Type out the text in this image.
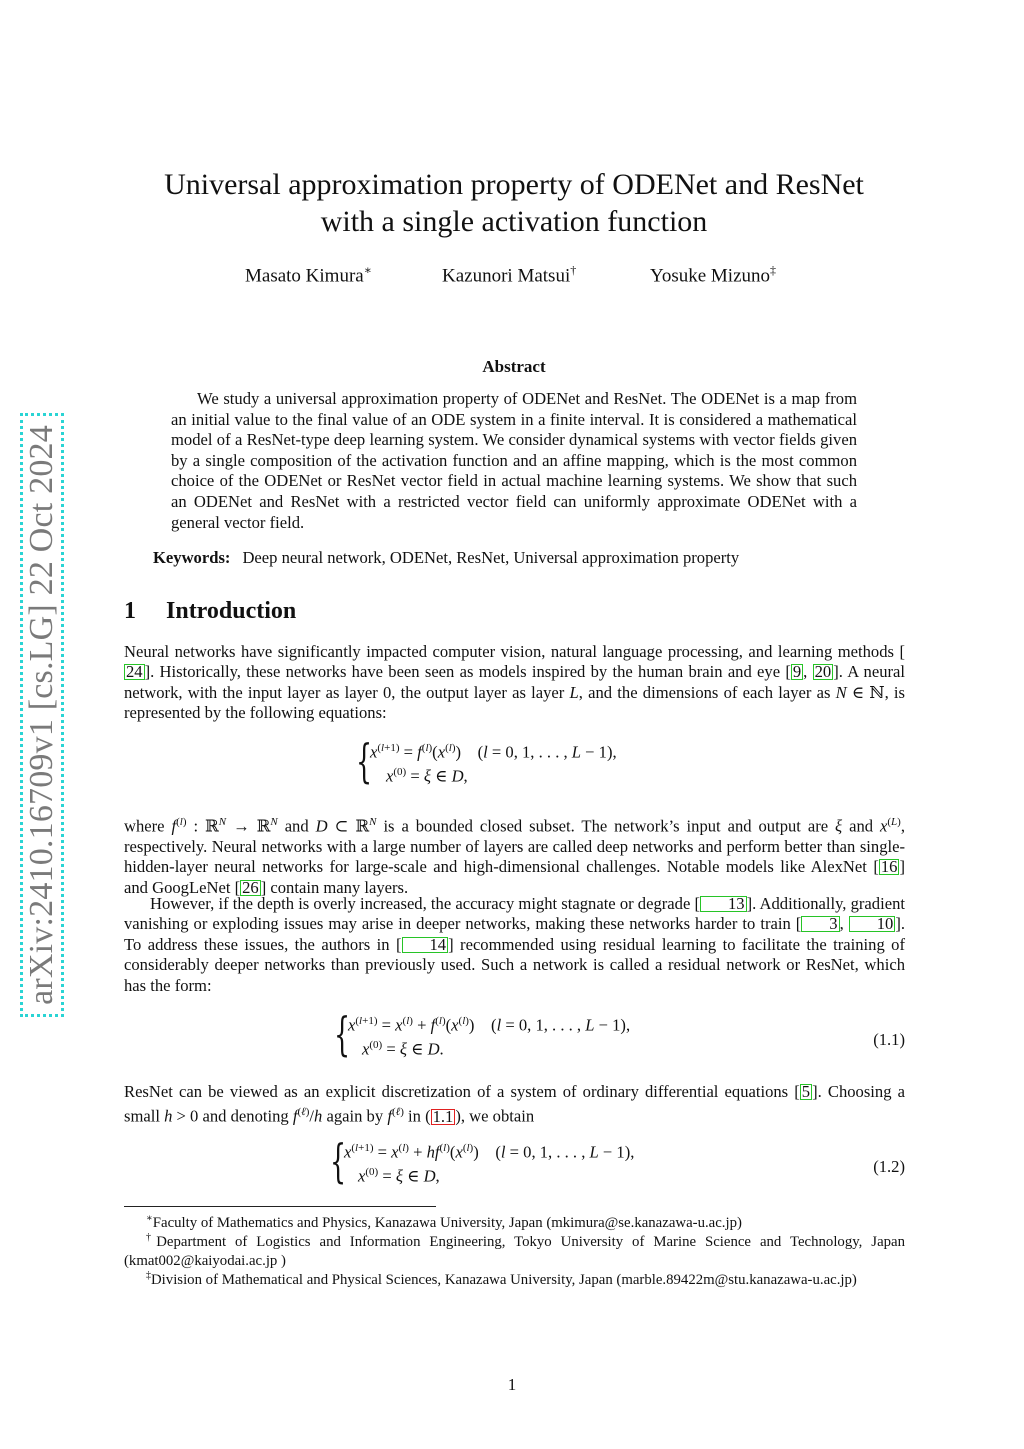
arXiv:2410.16709v1 [cs.LG] 22 Oct 2024
Universal approximation property of ODENet and ResNet
with a single activation function
Masato Kimura∗	Kazunori Matsui†	Yosuke Mizuno‡
Abstract
We study a universal approximation property of ODENet and ResNet. The ODENet is a map from an initial value to the final value of an ODE system in a finite interval. It is considered a mathematical model of a ResNet-type deep learning system. We consider dynamical systems with vector fields given by a single composition of the activation function and an affine mapping, which is the most common choice of the ODENet or ResNet vector field in actual machine learning systems. We show that such an ODENet and ResNet with a restricted vector field can uniformly approximate ODENet with a general vector field.
Keywords: Deep neural network, ODENet, ResNet, Universal approximation property
1 Introduction
Neural networks have significantly impacted computer vision, natural language processing, and learning methods [24 ]. Historically, these networks have been seen as models inspired by the human brain and eye [ 9 , 20 ]. A neural network, with the input layer as layer 0, the output layer as layer L, and the dimensions of each layer as N ∈ ℕ, is represented by the following equations:
{
$x^{(l+1)} = f^{(l)}(x^{(l)})$    (l = 0, 1, . . . , L − 1),
$x^{(0)} = \xi$ ∈ D,
where $f^{(l)}$ : ℝ$^N$ → ℝ$^N$ and D ⊂ ℝ$^N$ is a bounded closed subset. The network’s input and output are ξ and $x^{(L)}$, respectively. Neural networks with a large number of layers are called deep networks and perform better than single-hidden-layer neural networks for large-scale and high-dimensional challenges. Notable models like AlexNet [ 16 ] and GoogLeNet [ 26 ] contain many layers.
However, if the depth is overly increased, the accuracy might stagnate or degrade [ 13 ]. Additionally, gradient vanishing or exploding issues may arise in deeper networks, making these networks harder to train [ 3 , 10 ]. To address these issues, the authors in [ 14 ] recommended using residual learning to facilitate the training of considerably deeper networks than previously used. Such a network is called a residual network or ResNet, which has the form:
{
$x^{(l+1)} = x^{(l)} + f^{(l)}(x^{(l)})$    (l = 0, 1, . . . , L − 1),
$x^{(0)} = \xi$ ∈ D.
(1.1)
ResNet can be viewed as an explicit discretization of a system of ordinary differential equations [ 5 ]. Choosing a small h > 0 and denoting $f^{(\ell)}/h$ again by $f^{(\ell)}$ in ( 1.1 ), we obtain
{
$x^{(l+1)} = x^{(l)} + hf^{(l)}(x^{(l)})$    (l = 0, 1, . . . , L − 1),
$x^{(0)} = \xi$ ∈ D,
(1.2)
∗Faculty of Mathematics and Physics, Kanazawa University, Japan (mkimura@se.kanazawa-u.ac.jp)
†Department of Logistics and Information Engineering, Tokyo University of Marine Science and Technology, Japan (kmat002@kaiyodai.ac.jp )
‡Division of Mathematical and Physical Sciences, Kanazawa University, Japan (marble.89422m@stu.kanazawa-u.ac.jp)
1
